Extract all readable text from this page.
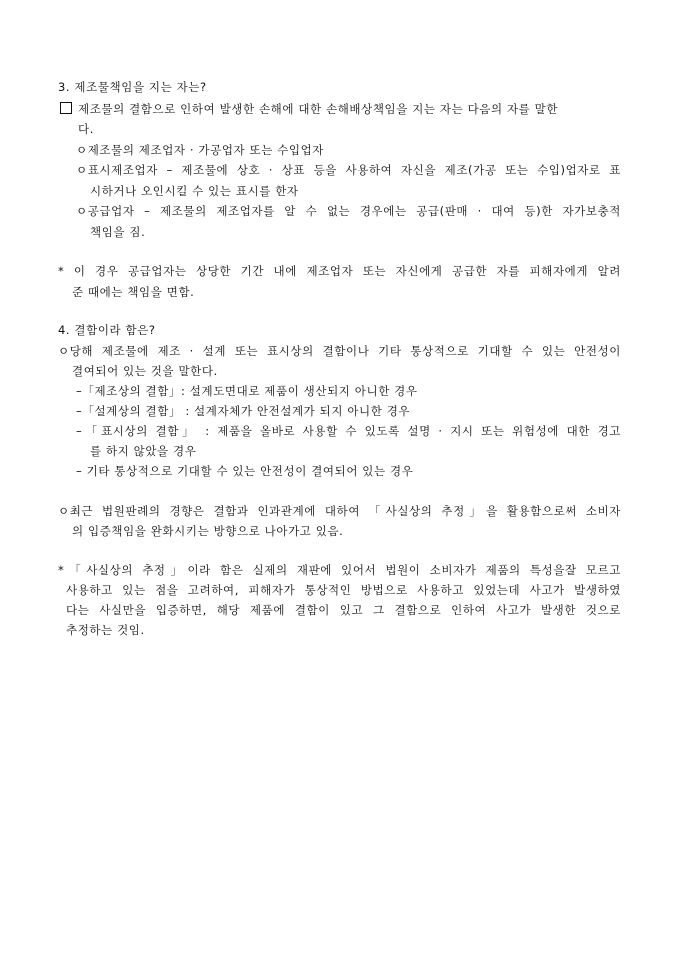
3. 제조물책임을 지는 자는?
제조물의 결함으로 인하여 발생한 손해에 대한 손해배상책임을 지는 자는 다음의 자를 말한
다.
ㅇ제조물의 제조업자 · 가공업자 또는 수입업자
ㅇ표시제조업자 – 제조물에 상호 · 상표 등을 사용하여 자신을 제조(가공 또는 수입)업자로 표
시하거나 오인시킬 수 있는 표시를 한자
ㅇ공급업자 – 제조물의 제조업자를 알 수 없는 경우에는 공급(판매 · 대여 등)한 자가보충적
책임을 짐.
* 이 경우 공급업자는 상당한 기간 내에 제조업자 또는 자신에게 공급한 자를 피해자에게 알려
준 때에는 책임을 면함.
4. 결함이라 함은?
ㅇ당해 제조물에 제조 · 설계 또는 표시상의 결함이나 기타 통상적으로 기대할 수 있는 안전성이
결여되어 있는 것을 말한다.
–「제조상의 결함」: 설계도면대로 제품이 생산되지 아니한 경우
–「설계상의 결함」 : 설계자체가 안전설계가 되지 아니한 경우
–「표시상의 결함」 : 제품을 올바로 사용할 수 있도록 설명 · 지시 또는 위험성에 대한 경고
를 하지 않았을 경우
– 기타 통상적으로 기대할 수 있는 안전성이 결여되어 있는 경우
ㅇ최근 법원판례의 경향은 결함과 인과관계에 대하여 「사실상의 추정」을 활용함으로써 소비자
의 입증책임을 완화시키는 방향으로 나아가고 있음.
*「사실상의 추정」이라 함은 실제의 재판에 있어서 법원이 소비자가 제품의 특성을잘 모르고
사용하고 있는 점을 고려하여, 피해자가 통상적인 방법으로 사용하고 있었는데 사고가 발생하였
다는 사실만을 입증하면, 해당 제품에 결함이 있고 그 결함으로 인하여 사고가 발생한 것으로
추정하는 것임.
